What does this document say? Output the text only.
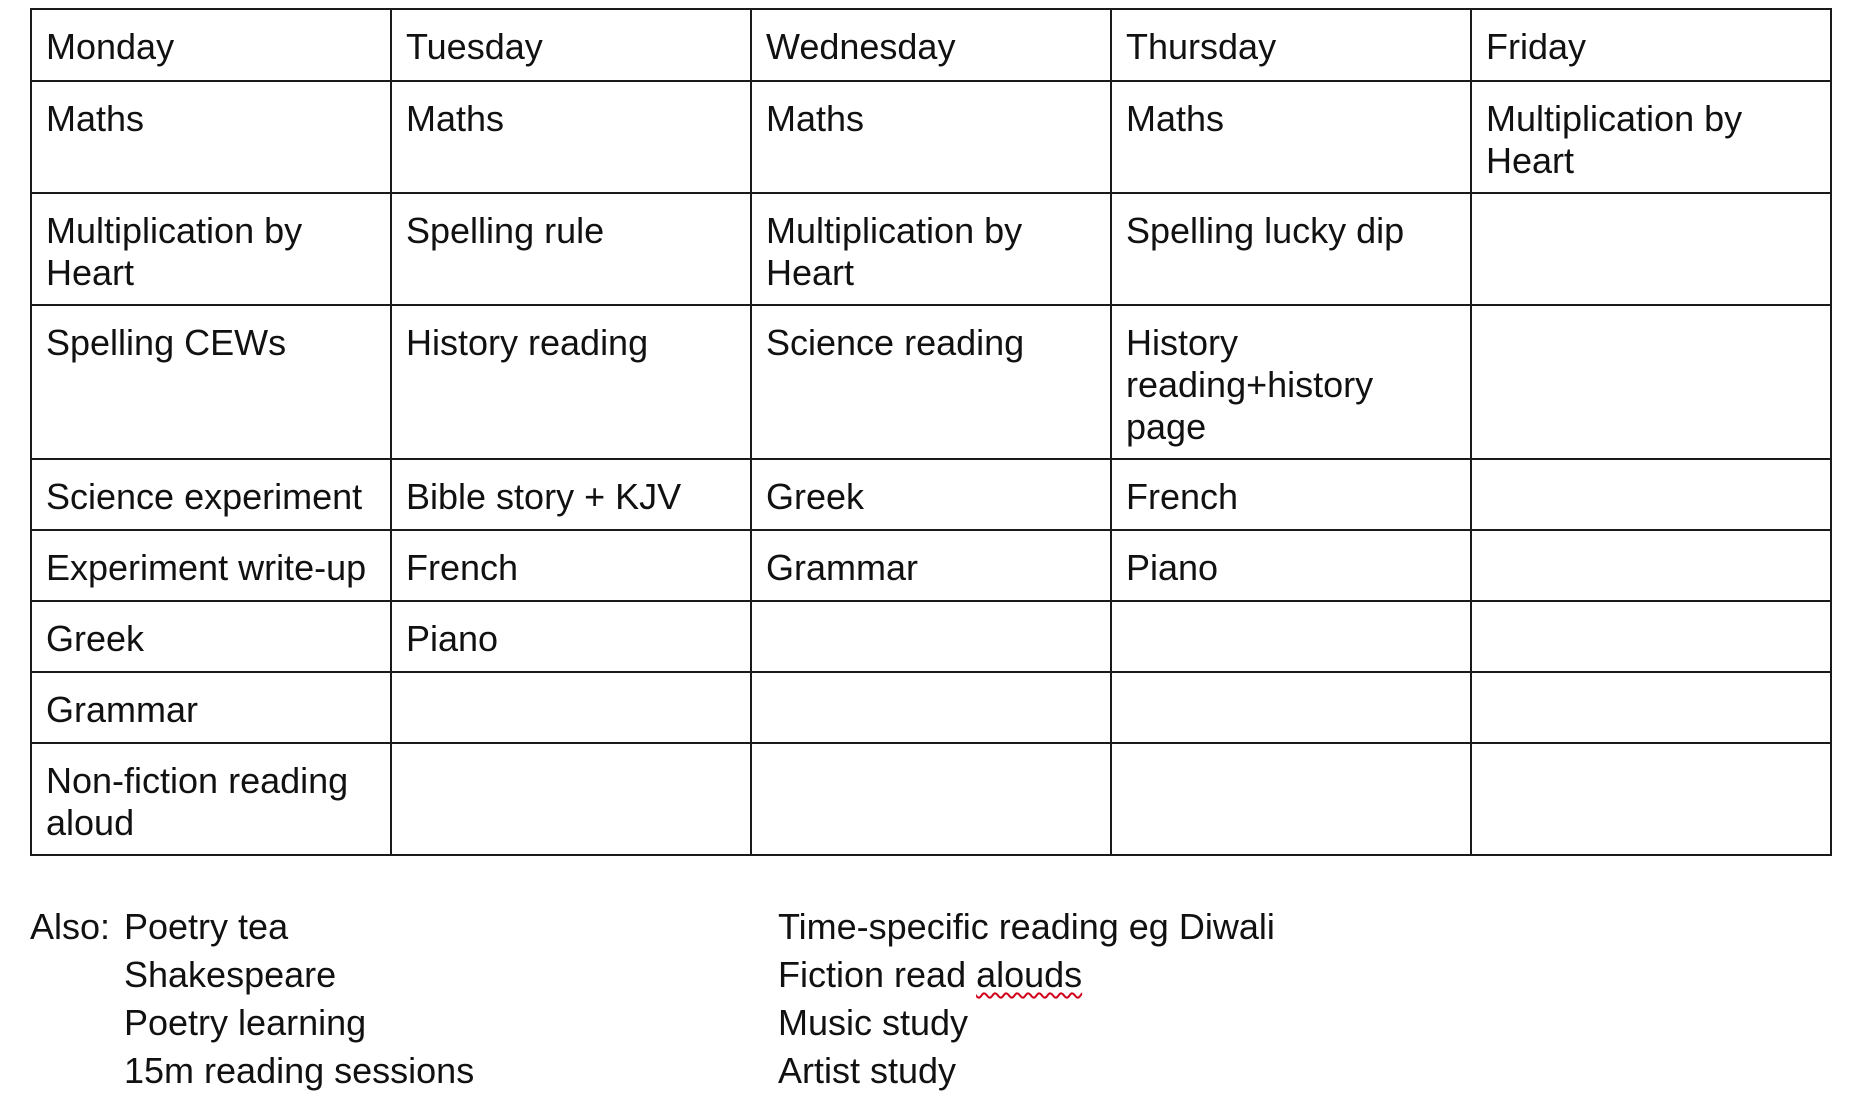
Monday	Tuesday	Wednesday	Thursday	Friday
Maths	Maths	Maths	Maths	Multiplication by Heart
Multiplication by Heart	Spelling rule	Multiplication by Heart	Spelling lucky dip	
Spelling CEWs	History reading	Science reading	History reading+history page	
Science experiment	Bible story + KJV	Greek	French	
Experiment write-up	French	Grammar	Piano	
Greek	Piano			
Grammar				
Non-fiction reading aloud				
Also: Poetry tea
Shakespeare
Poetry learning
15m reading sessions
Time-specific reading eg Diwali
Fiction read alouds
Music study
Artist study
